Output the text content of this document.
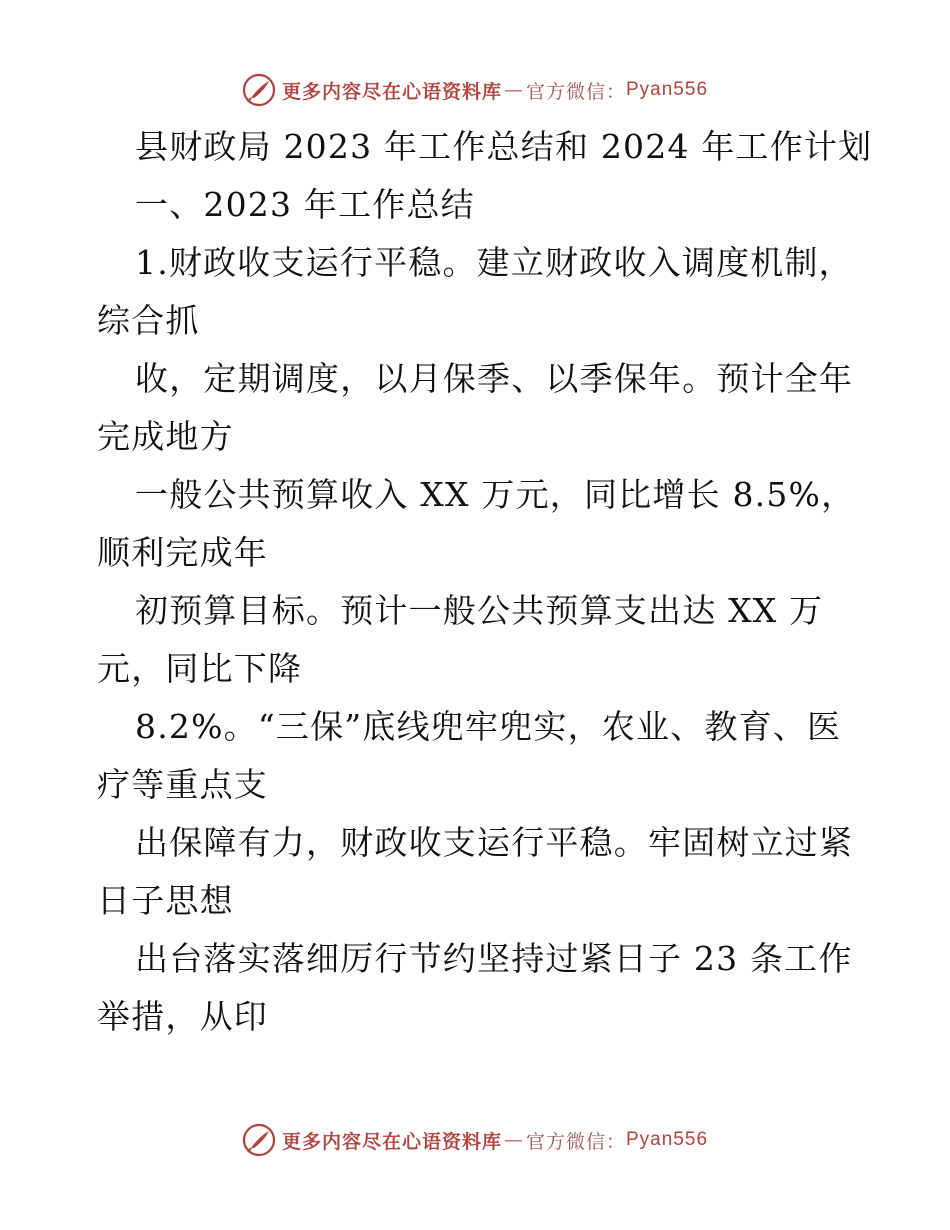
更多内容尽在心语资料库 — 官方微信： Pyan556
县财政局 2023 年工作总结和 2024 年工作计划
一、2023 年工作总结
1.财政收支运行平稳。建立财政收入调度机制，
综合抓
收，定期调度，以月保季、以季保年。预计全年
完成地方
一般公共预算收入 XX 万元，同比增长 8.5%，
顺利完成年
初预算目标。预计一般公共预算支出达 XX 万
元，同比下降
8.2%。“三保”底线兜牢兜实，农业、教育、医
疗等重点支
出保障有力，财政收支运行平稳。牢固树立过紧
日子思想
出台落实落细厉行节约坚持过紧日子 23 条工作
举措，从印
更多内容尽在心语资料库 — 官方微信： Pyan556
